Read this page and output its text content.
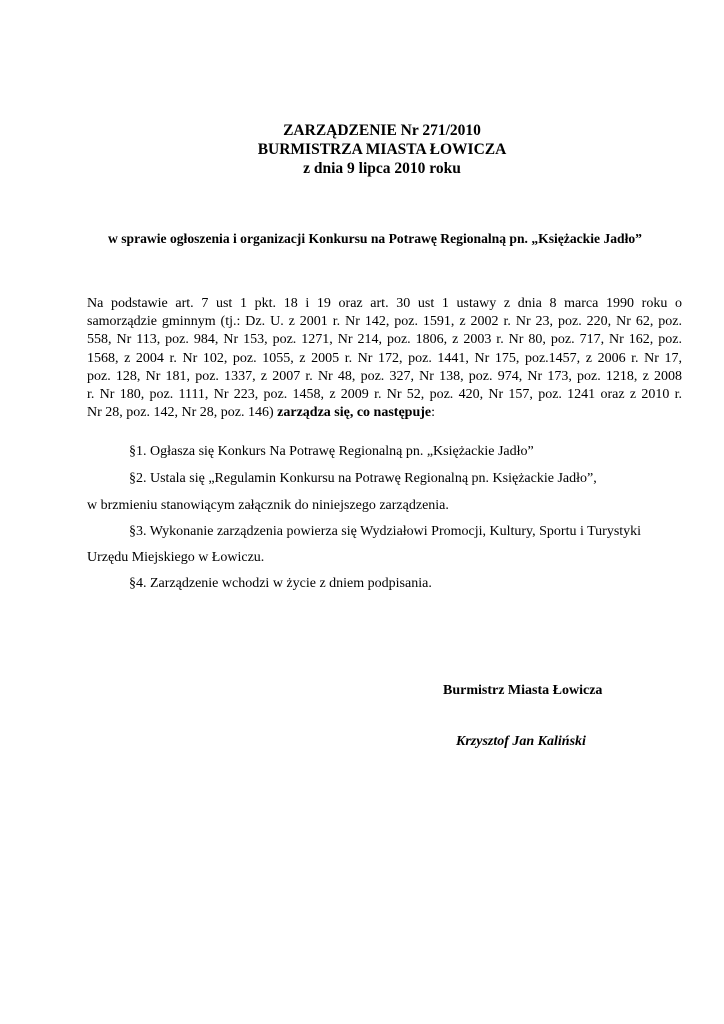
ZARZĄDZENIE Nr 271/2010
BURMISTRZA MIASTA ŁOWICZA
z dnia 9 lipca 2010 roku
w sprawie ogłoszenia i organizacji Konkursu na Potrawę Regionalną pn. „Księżackie Jadło”
Na podstawie art. 7 ust 1 pkt. 18 i 19 oraz art. 30 ust 1 ustawy z dnia 8 marca 1990 roku o
samorządzie gminnym (tj.: Dz. U. z 2001 r. Nr 142, poz. 1591, z 2002 r. Nr 23, poz. 220, Nr 62, poz.
558, Nr 113, poz. 984, Nr 153, poz. 1271, Nr 214, poz. 1806, z 2003 r. Nr 80, poz. 717, Nr 162, poz.
1568, z 2004 r. Nr 102, poz. 1055, z 2005 r. Nr 172, poz. 1441, Nr 175, poz.1457, z 2006 r. Nr 17,
poz. 128, Nr 181, poz. 1337, z 2007 r. Nr 48, poz. 327, Nr 138, poz. 974, Nr 173, poz. 1218, z 2008
r. Nr 180, poz. 1111, Nr 223, poz. 1458, z 2009 r. Nr 52, poz. 420, Nr 157, poz. 1241 oraz z 2010 r.
Nr 28, poz. 142, Nr 28, poz. 146) zarządza się, co następuje:
§1. Ogłasza się Konkurs Na Potrawę Regionalną pn. „Księżackie Jadło”
§2. Ustala się „Regulamin Konkursu na Potrawę Regionalną pn. Księżackie Jadło”,
w brzmieniu stanowiącym załącznik do niniejszego zarządzenia.
§3. Wykonanie zarządzenia powierza się Wydziałowi Promocji, Kultury, Sportu i Turystyki
Urzędu Miejskiego w Łowiczu.
§4. Zarządzenie wchodzi w życie z dniem podpisania.
Burmistrz Miasta Łowicza
Krzysztof Jan Kaliński
